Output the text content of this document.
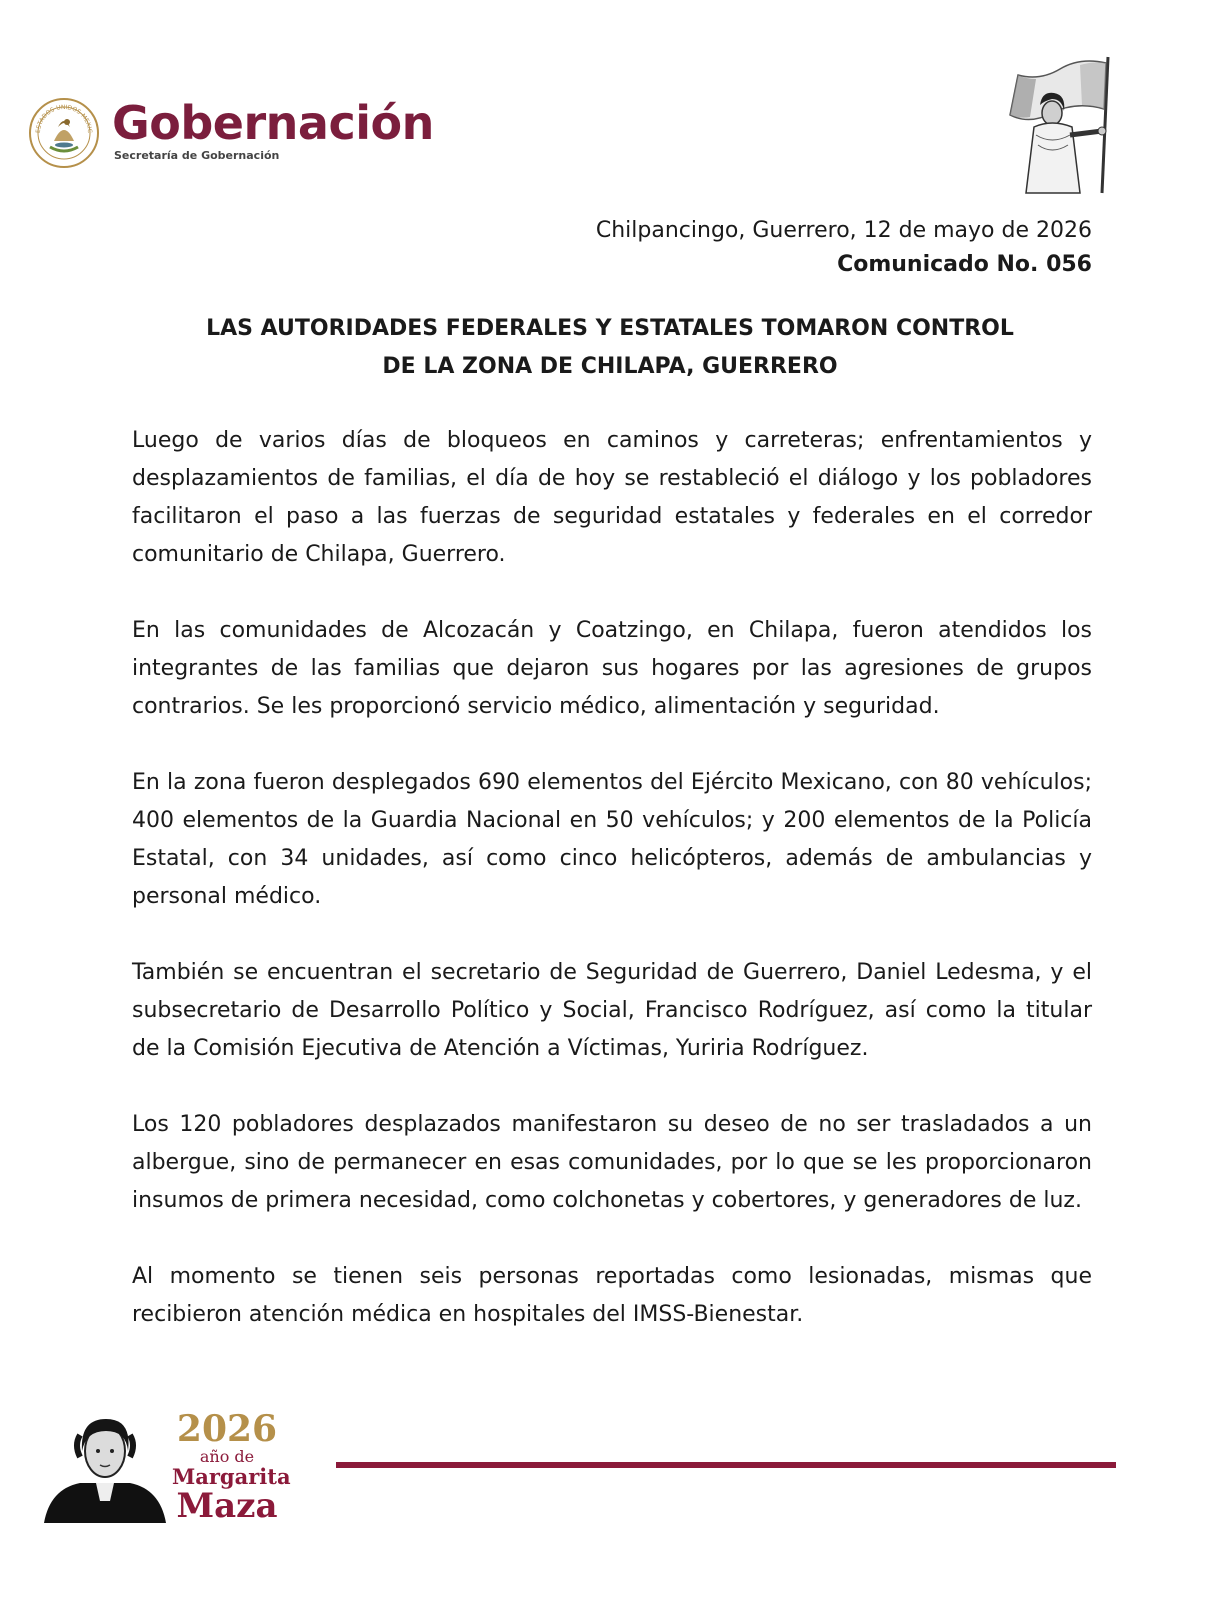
ESTADOS UNIDOS MEXIC Gobernación
Secretaría de Gobernación
Chilpancingo, Guerrero, 12 de mayo de 2026
Comunicado No. 056
LAS AUTORIDADES FEDERALES Y ESTATALES TOMARON CONTROL
DE LA ZONA DE CHILAPA, GUERRERO

Luego de varios días de bloqueos en caminos y carreteras; enfrentamientos y desplazamientos de familias, el día de hoy se restableció el diálogo y los pobladores facilitaron el paso a las fuerzas de seguridad estatales y federales en el corredor comunitario de Chilapa, Guerrero.

En las comunidades de Alcozacán y Coatzingo, en Chilapa, fueron atendidos los integrantes de las familias que dejaron sus hogares por las agresiones de grupos contrarios. Se les proporcionó servicio médico, alimentación y seguridad.

En la zona fueron desplegados 690 elementos del Ejército Mexicano, con 80 vehículos; 400 elementos de la Guardia Nacional en 50 vehículos; y 200 elementos de la Policía Estatal, con 34 unidades, así como cinco helicópteros, además de ambulancias y personal médico.

También se encuentran el secretario de Seguridad de Guerrero, Daniel Ledesma, y el subsecretario de Desarrollo Político y Social, Francisco Rodríguez, así como la titular de la Comisión Ejecutiva de Atención a Víctimas, Yuriria Rodríguez.

Los 120 pobladores desplazados manifestaron su deseo de no ser trasladados a un albergue, sino de permanecer en esas comunidades, por lo que se les proporcionaron insumos de primera necesidad, como colchonetas y cobertores, y generadores de luz.

Al momento se tienen seis personas reportadas como lesionadas, mismas que recibieron atención médica en hospitales del IMSS-Bienestar.

2026
año de
Margarita
Maza
